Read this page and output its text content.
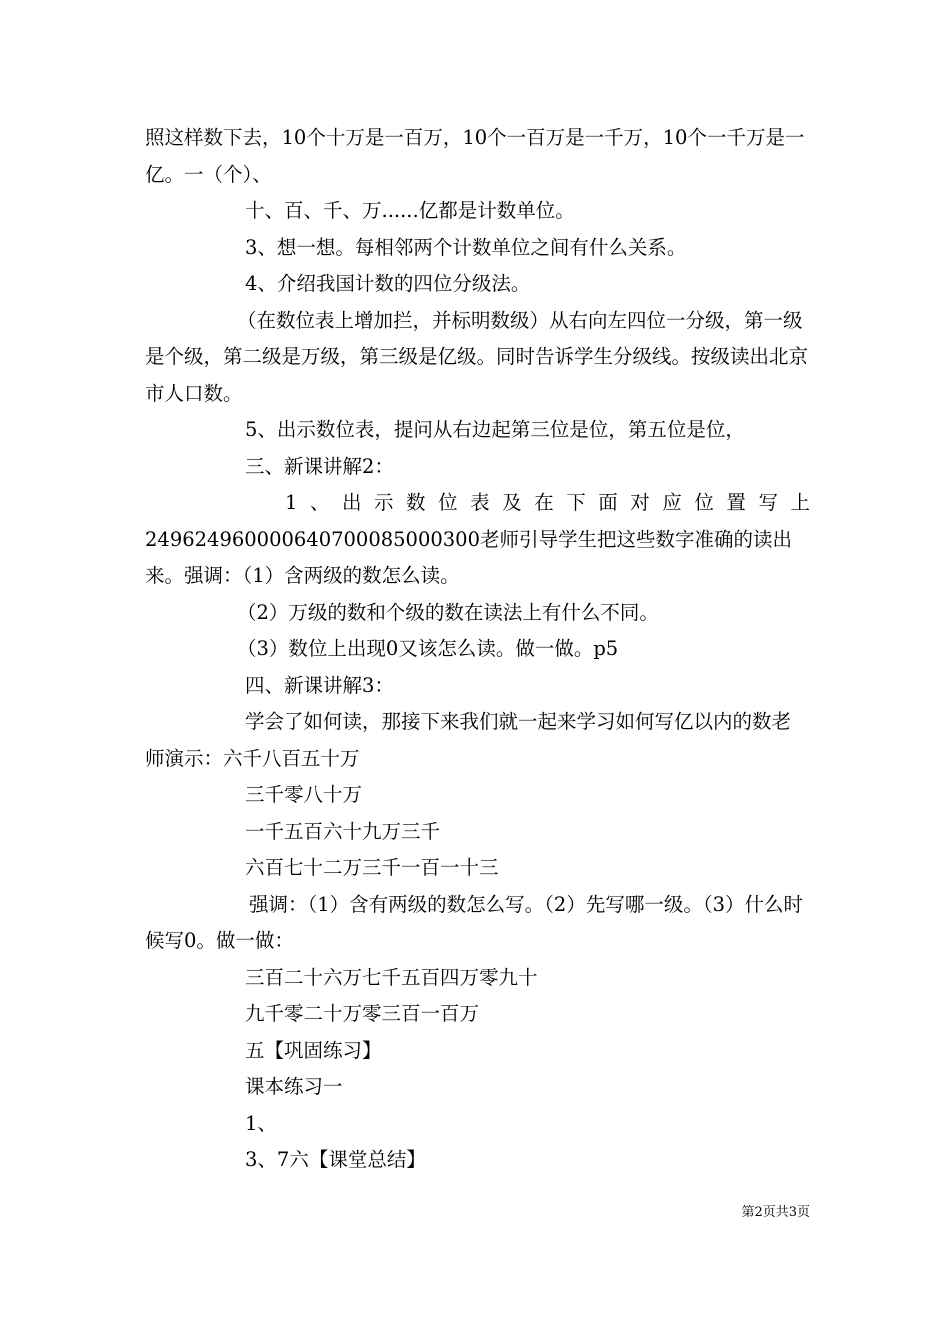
照这样数下去，10个十万是一百万，10个一百万是一千万，10个一千万是一亿。一（个）、

十、百、千、万......亿都是计数单位。

3、想一想。每相邻两个计数单位之间有什么关系。

4、介绍我国计数的四位分级法。

（在数位表上增加拦，并标明数级）从右向左四位一分级，第一级是个级，第二级是万级，第三级是亿级。同时告诉学生分级线。按级读出北京市人口数。

5、出示数位表，提问从右边起第三位是位，第五位是位，

三、新课讲解2：

1、出示数位表及在下面对应位置写上

2496249600006407000850003​00老师引导学生把这些数字准确的读出来。强调：（1）含两级的数怎么读。

（2）万级的数和个级的数在读法上有什么不同。

（3）数位上出现0又该怎么读。做一做。p5

四、新课讲解3：

学会了如何读，那接下来我们就一起来学习如何写亿以内的数老师演示：六千八百五十万

三千零八十万

一千五百六十九万三千

六百七十二万三千一百一十三

强调：（1）含有两级的数怎么写。（2）先写哪一级。（3）什么时候写0。做一做：

三百二十六万七千五百四万零九十

九千零二十万零三百一百万

五【巩固练习】

课本练习一

1、

3、7六【课堂总结】

第2页共3页
